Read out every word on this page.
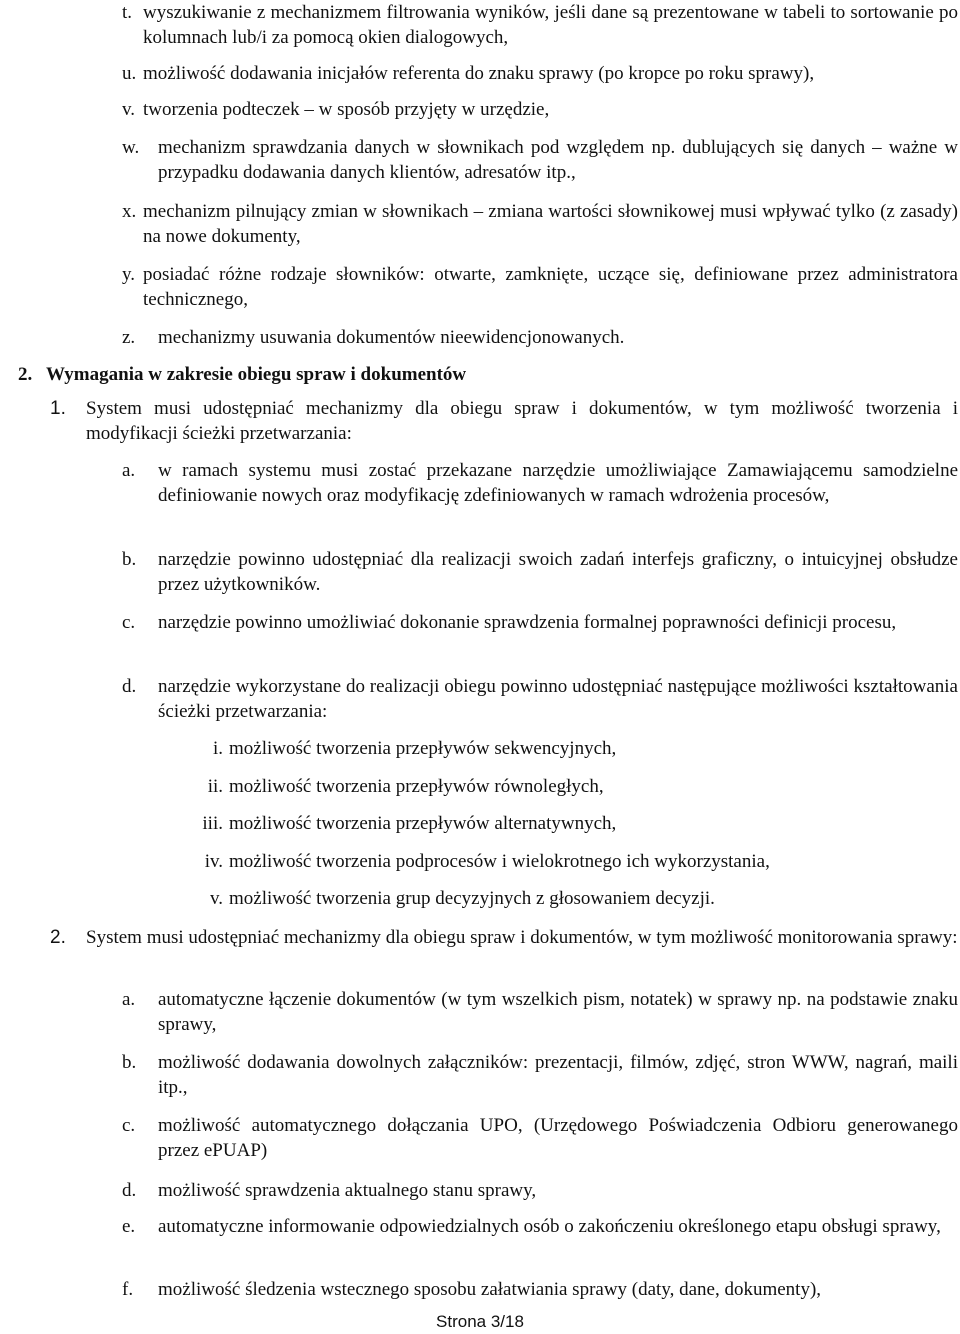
t. wyszukiwanie z mechanizmem filtrowania wyników, jeśli dane są prezentowane w tabeli to sortowanie po kolumnach lub/i za pomocą okien dialogowych,
u. możliwość dodawania inicjałów referenta do znaku sprawy (po kropce po roku sprawy),
v. tworzenia podteczek – w sposób przyjęty w urzędzie,
w. mechanizm sprawdzania danych w słownikach pod względem np. dublujących się danych – ważne w przypadku dodawania danych klientów, adresatów itp.,
x. mechanizm pilnujący zmian w słownikach – zmiana wartości słownikowej musi wpływać tylko (z zasady) na nowe dokumenty,
y. posiadać różne rodzaje słowników: otwarte, zamknięte, uczące się, definiowane przez administratora technicznego,
z.	mechanizmy usuwania dokumentów nieewidencjonowanych.
2. Wymagania w zakresie obiegu spraw i dokumentów
1.	System musi udostępniać mechanizmy dla obiegu spraw i dokumentów, w tym możliwość tworzenia i modyfikacji ścieżki przetwarzania:
a.	w ramach systemu musi zostać przekazane narzędzie umożliwiające Zamawiającemu samodzielne definiowanie nowych oraz modyfikację zdefiniowanych w ramach wdrożenia procesów,
b.	narzędzie powinno udostępniać dla realizacji swoich zadań interfejs graficzny, o intuicyjnej obsłudze przez użytkowników.
c.	narzędzie powinno umożliwiać dokonanie sprawdzenia formalnej poprawności definicji procesu,
d.	narzędzie wykorzystane do realizacji obiegu powinno udostępniać następujące możliwości kształtowania ścieżki przetwarzania:
i. możliwość tworzenia przepływów sekwencyjnych,
ii. możliwość tworzenia przepływów równoległych,
iii. możliwość tworzenia przepływów alternatywnych,
iv. możliwość tworzenia podprocesów i wielokrotnego ich wykorzystania,
v. możliwość tworzenia grup decyzyjnych z głosowaniem decyzji.
2.	System musi udostępniać mechanizmy dla obiegu spraw i dokumentów, w tym możliwość monitorowania sprawy:
a.	automatyczne łączenie dokumentów (w tym wszelkich pism, notatek) w sprawy np. na podstawie znaku sprawy,
b.	możliwość dodawania dowolnych załączników: prezentacji, filmów, zdjęć, stron WWW, nagrań, maili itp.,
c.	możliwość automatycznego dołączania UPO, (Urzędowego Poświadczenia Odbioru generowanego przez ePUAP)
d.	możliwość sprawdzenia aktualnego stanu sprawy,
e.	automatyczne informowanie odpowiedzialnych osób o zakończeniu określonego etapu obsługi sprawy,
f.	możliwość śledzenia wstecznego sposobu załatwiania sprawy (daty, dane, dokumenty),
Strona 3/18
